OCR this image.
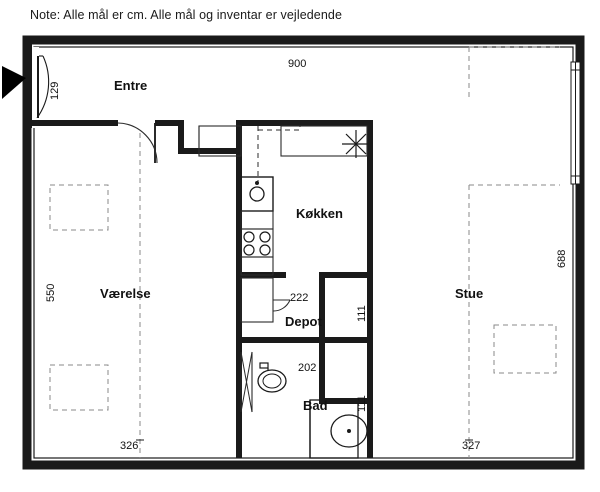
Note: Alle mål er cm. Alle mål og inventar er vejledende
Entre
Køkken
Værelse	Stue
Depot
Bad
900
129
550
326
688
327
222
111
202
111
